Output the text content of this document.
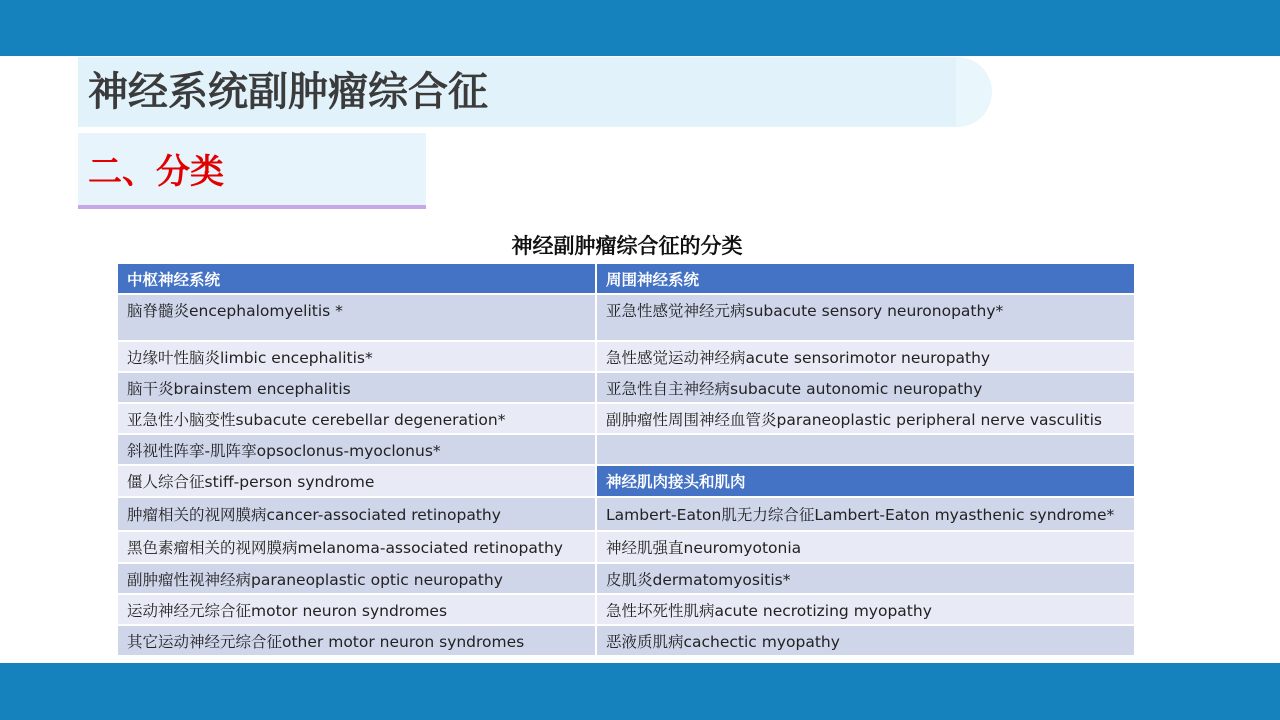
神经系统副肿瘤综合征
二、分类
神经副肿瘤综合征的分类
中枢神经系统	周围神经系统
脑脊髓炎encephalomyelitis *	亚急性感觉神经元病subacute sensory neuronopathy*
边缘叶性脑炎limbic encephalitis*	急性感觉运动神经病acute sensorimotor neuropathy
脑干炎brainstem encephalitis	亚急性自主神经病subacute autonomic neuropathy
亚急性小脑变性subacute cerebellar degeneration*	副肿瘤性周围神经血管炎paraneoplastic peripheral nerve vasculitis
斜视性阵挛-肌阵挛opsoclonus-myoclonus*	
僵人综合征stiff-person syndrome	神经肌肉接头和肌肉
肿瘤相关的视网膜病cancer-associated retinopathy	Lambert-Eaton肌无力综合征Lambert-Eaton myasthenic syndrome*
黑色素瘤相关的视网膜病melanoma-associated retinopathy	神经肌强直neuromyotonia
副肿瘤性视神经病paraneoplastic optic neuropathy	皮肌炎dermatomyositis*
运动神经元综合征motor neuron syndromes	急性坏死性肌病acute necrotizing myopathy
其它运动神经元综合征other motor neuron syndromes	恶液质肌病cachectic myopathy
